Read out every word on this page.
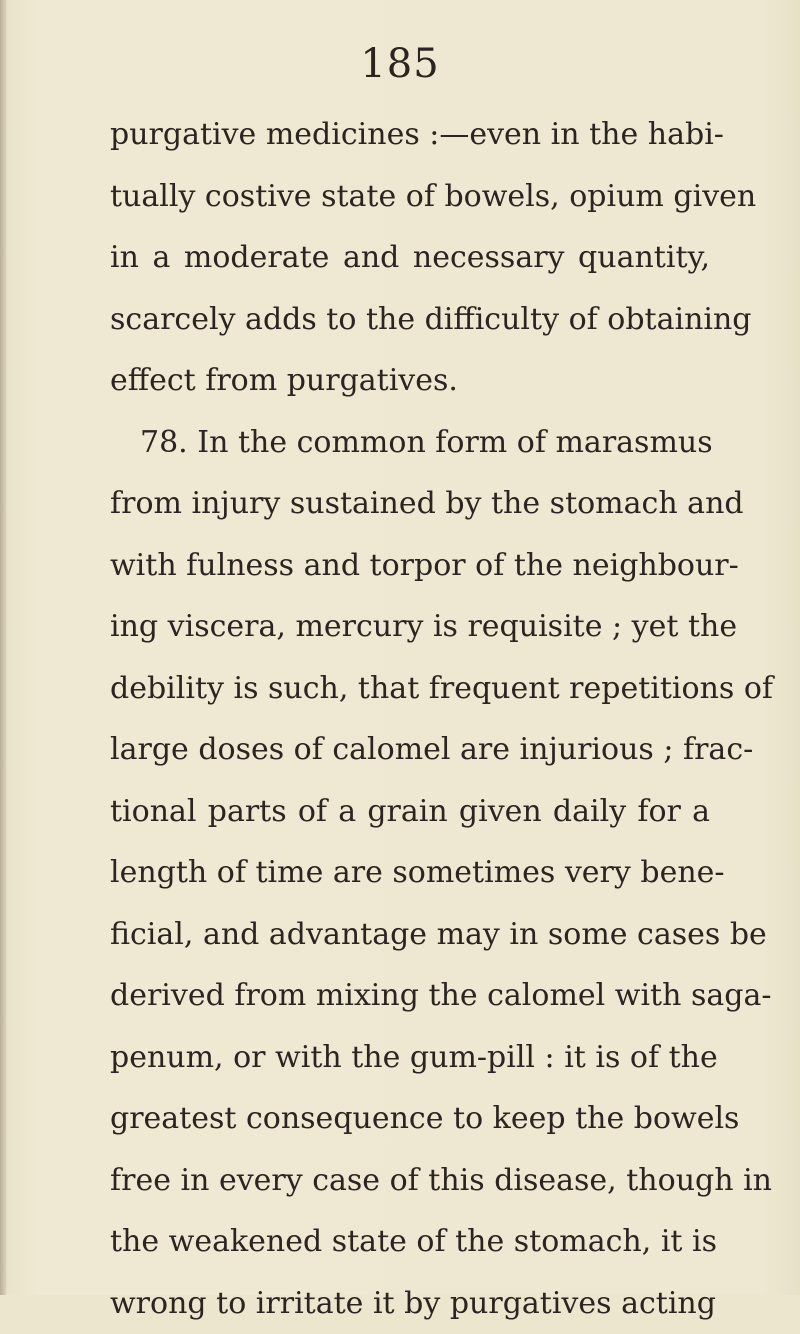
185
purgative medicines :—even in the habi-
tually costive state of bowels, opium given
in a moderate and necessary quantity,
scarcely adds to the difficulty of obtaining
effect from purgatives.
78. In the common form of marasmus
from injury sustained by the stomach and
with fulness and torpor of the neighbour-
ing viscera, mercury is requisite ; yet the
debility is such, that frequent repetitions of
large doses of calomel are injurious ; frac-
tional parts of a grain given daily for a
length of time are sometimes very bene-
ficial, and advantage may in some cases be
derived from mixing the calomel with saga-
penum, or with the gum-pill : it is of the
greatest consequence to keep the bowels
free in every case of this disease, though in
the weakened state of the stomach, it is
wrong to irritate it by purgatives acting
